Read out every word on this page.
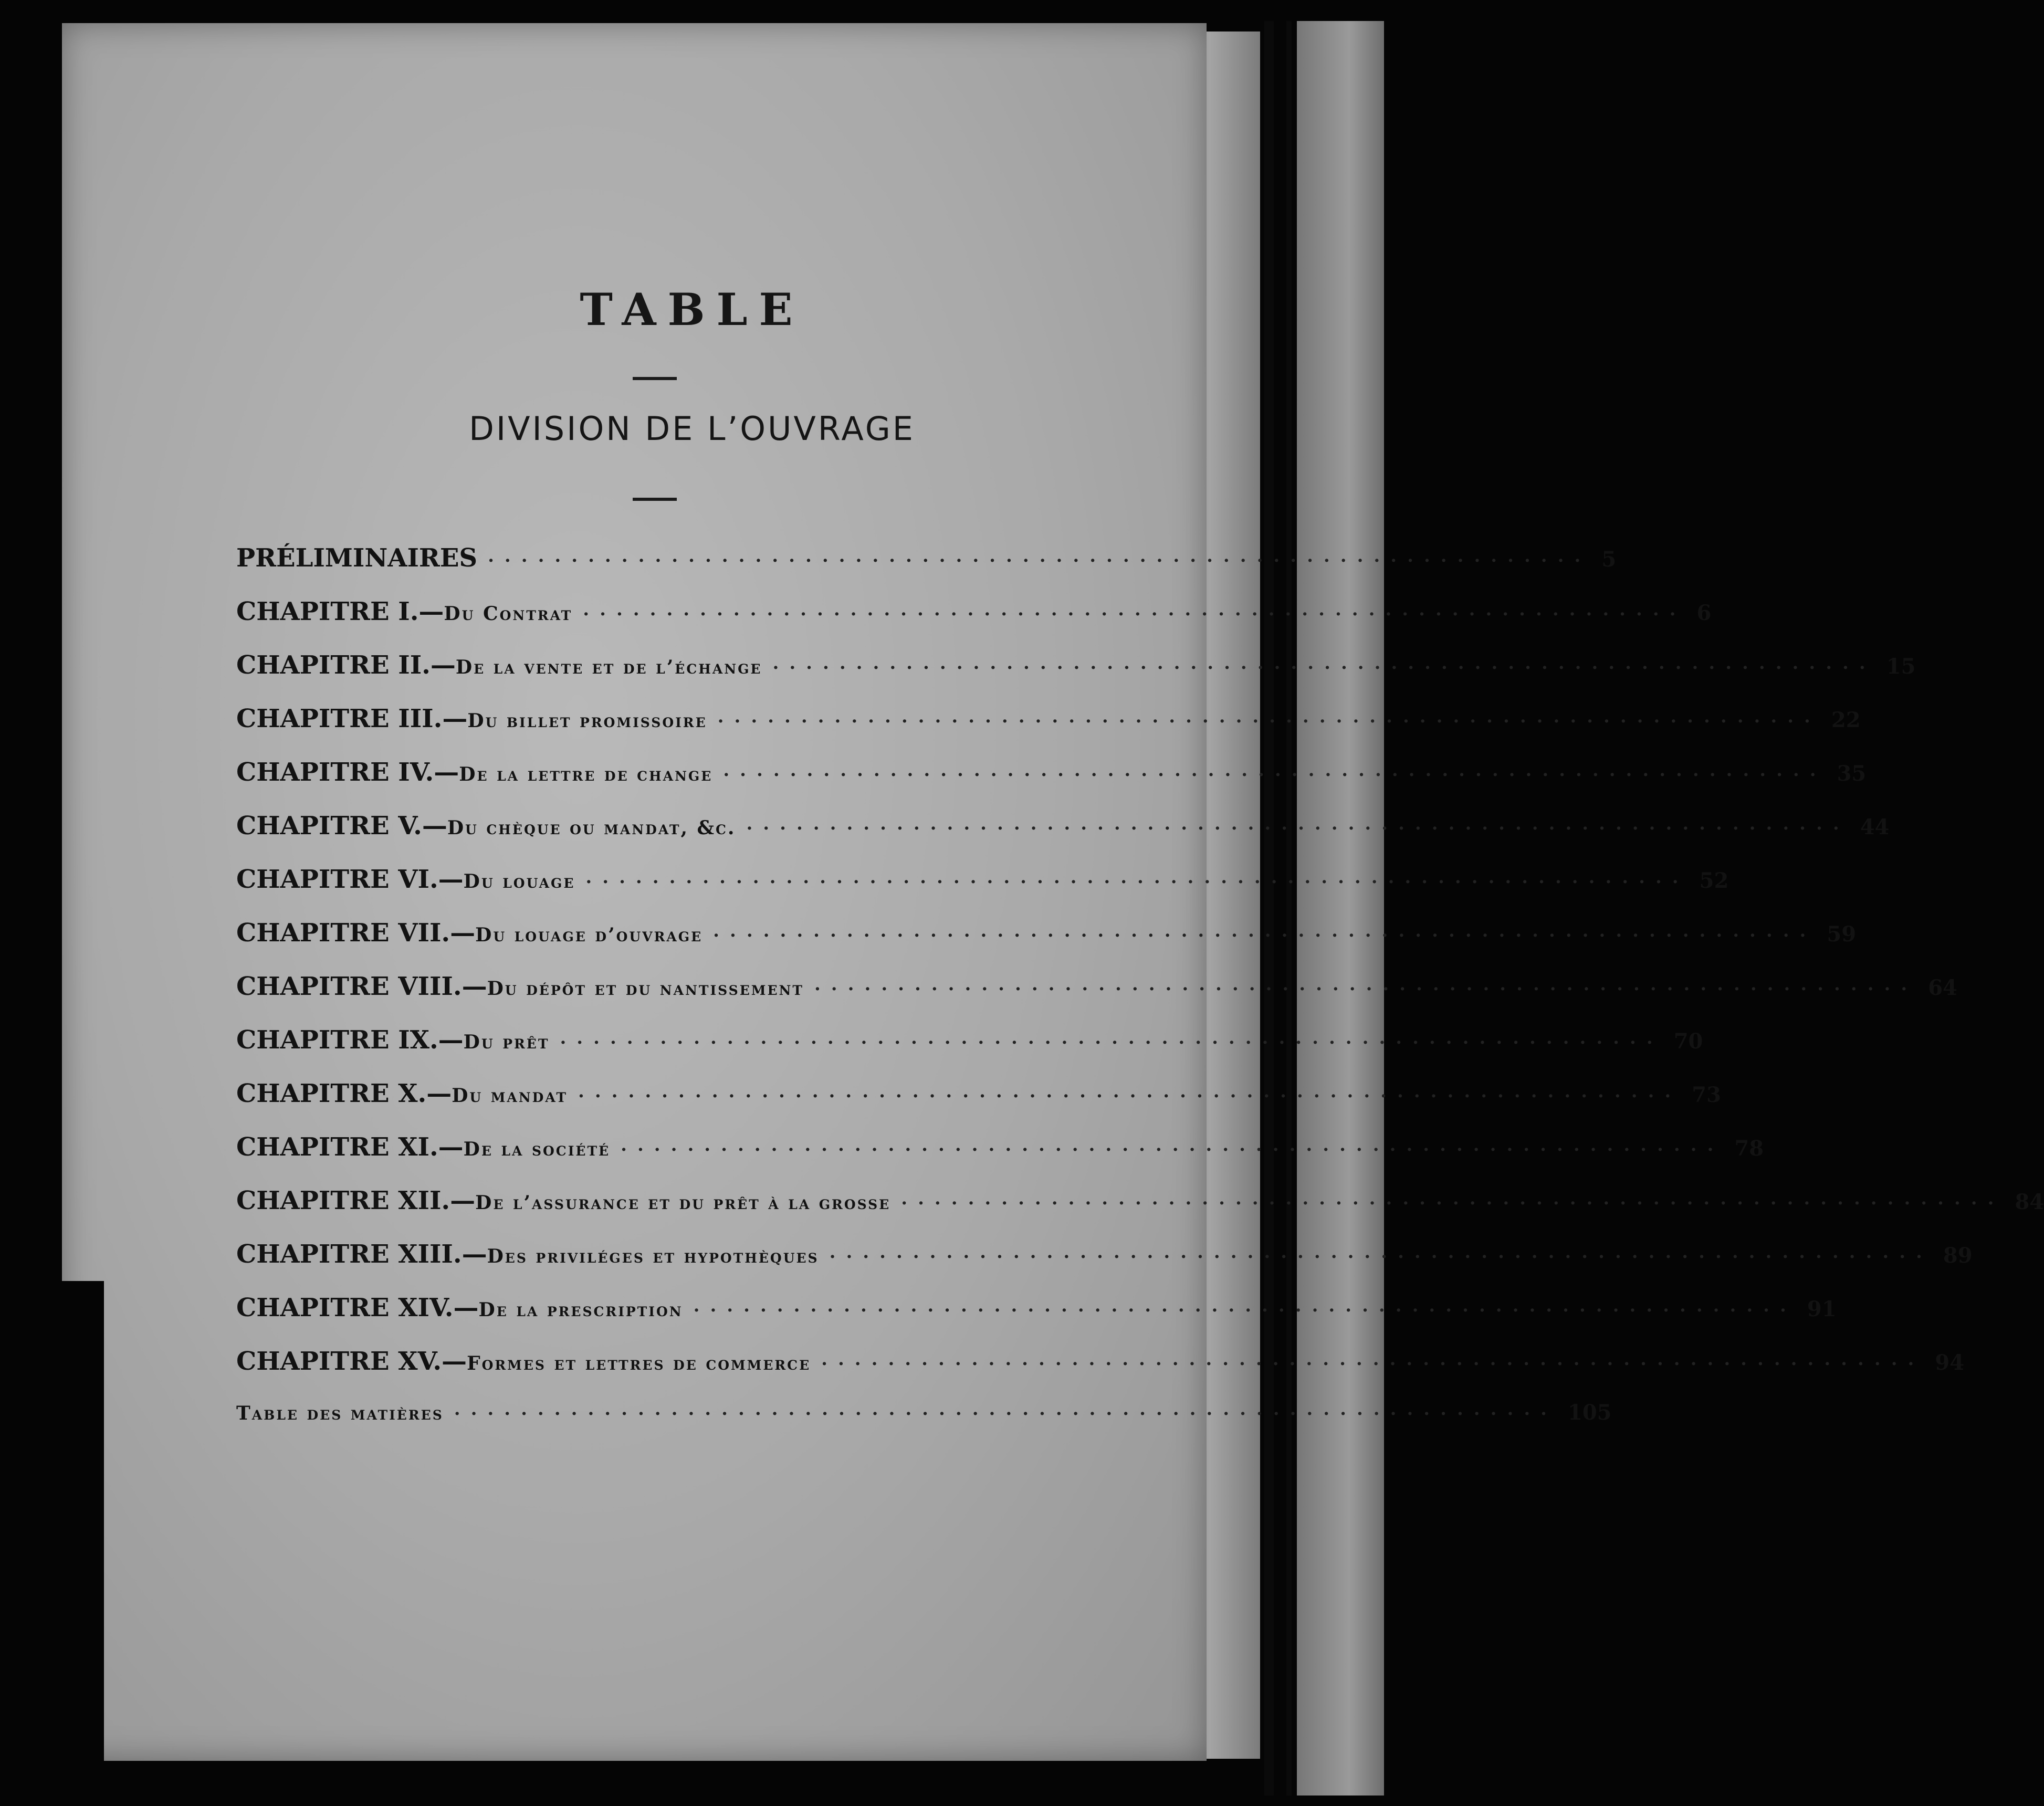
TABLE
DIVISION DE L’OUVRAGE
PRÉLIMINAIRES ·································································· 5
CHAPITRE I.— Du Contrat ·································································· 6
CHAPITRE II.— De la vente et de l’échange ·································································· 15
CHAPITRE III.— Du billet promissoire ·································································· 22
CHAPITRE IV.— De la lettre de change ·································································· 35
CHAPITRE V.— Du chèque ou mandat, &c. ·································································· 44
CHAPITRE VI.— Du louage ·································································· 52
CHAPITRE VII.— Du louage d’ouvrage ·································································· 59
CHAPITRE VIII.— Du dépôt et du nantissement ·································································· 64
CHAPITRE IX.— Du prêt ·································································· 70
CHAPITRE X.— Du mandat ·································································· 73
CHAPITRE XI.— De la société ·································································· 78
CHAPITRE XII.— De l’assurance et du prêt à la grosse ·································································· 84
CHAPITRE XIII.— Des priviléges et hypothèques ·································································· 89
CHAPITRE XIV.— De la prescription ·································································· 91
CHAPITRE XV.— Formes et lettres de commerce ·································································· 94
Table des matières ·································································· 105
